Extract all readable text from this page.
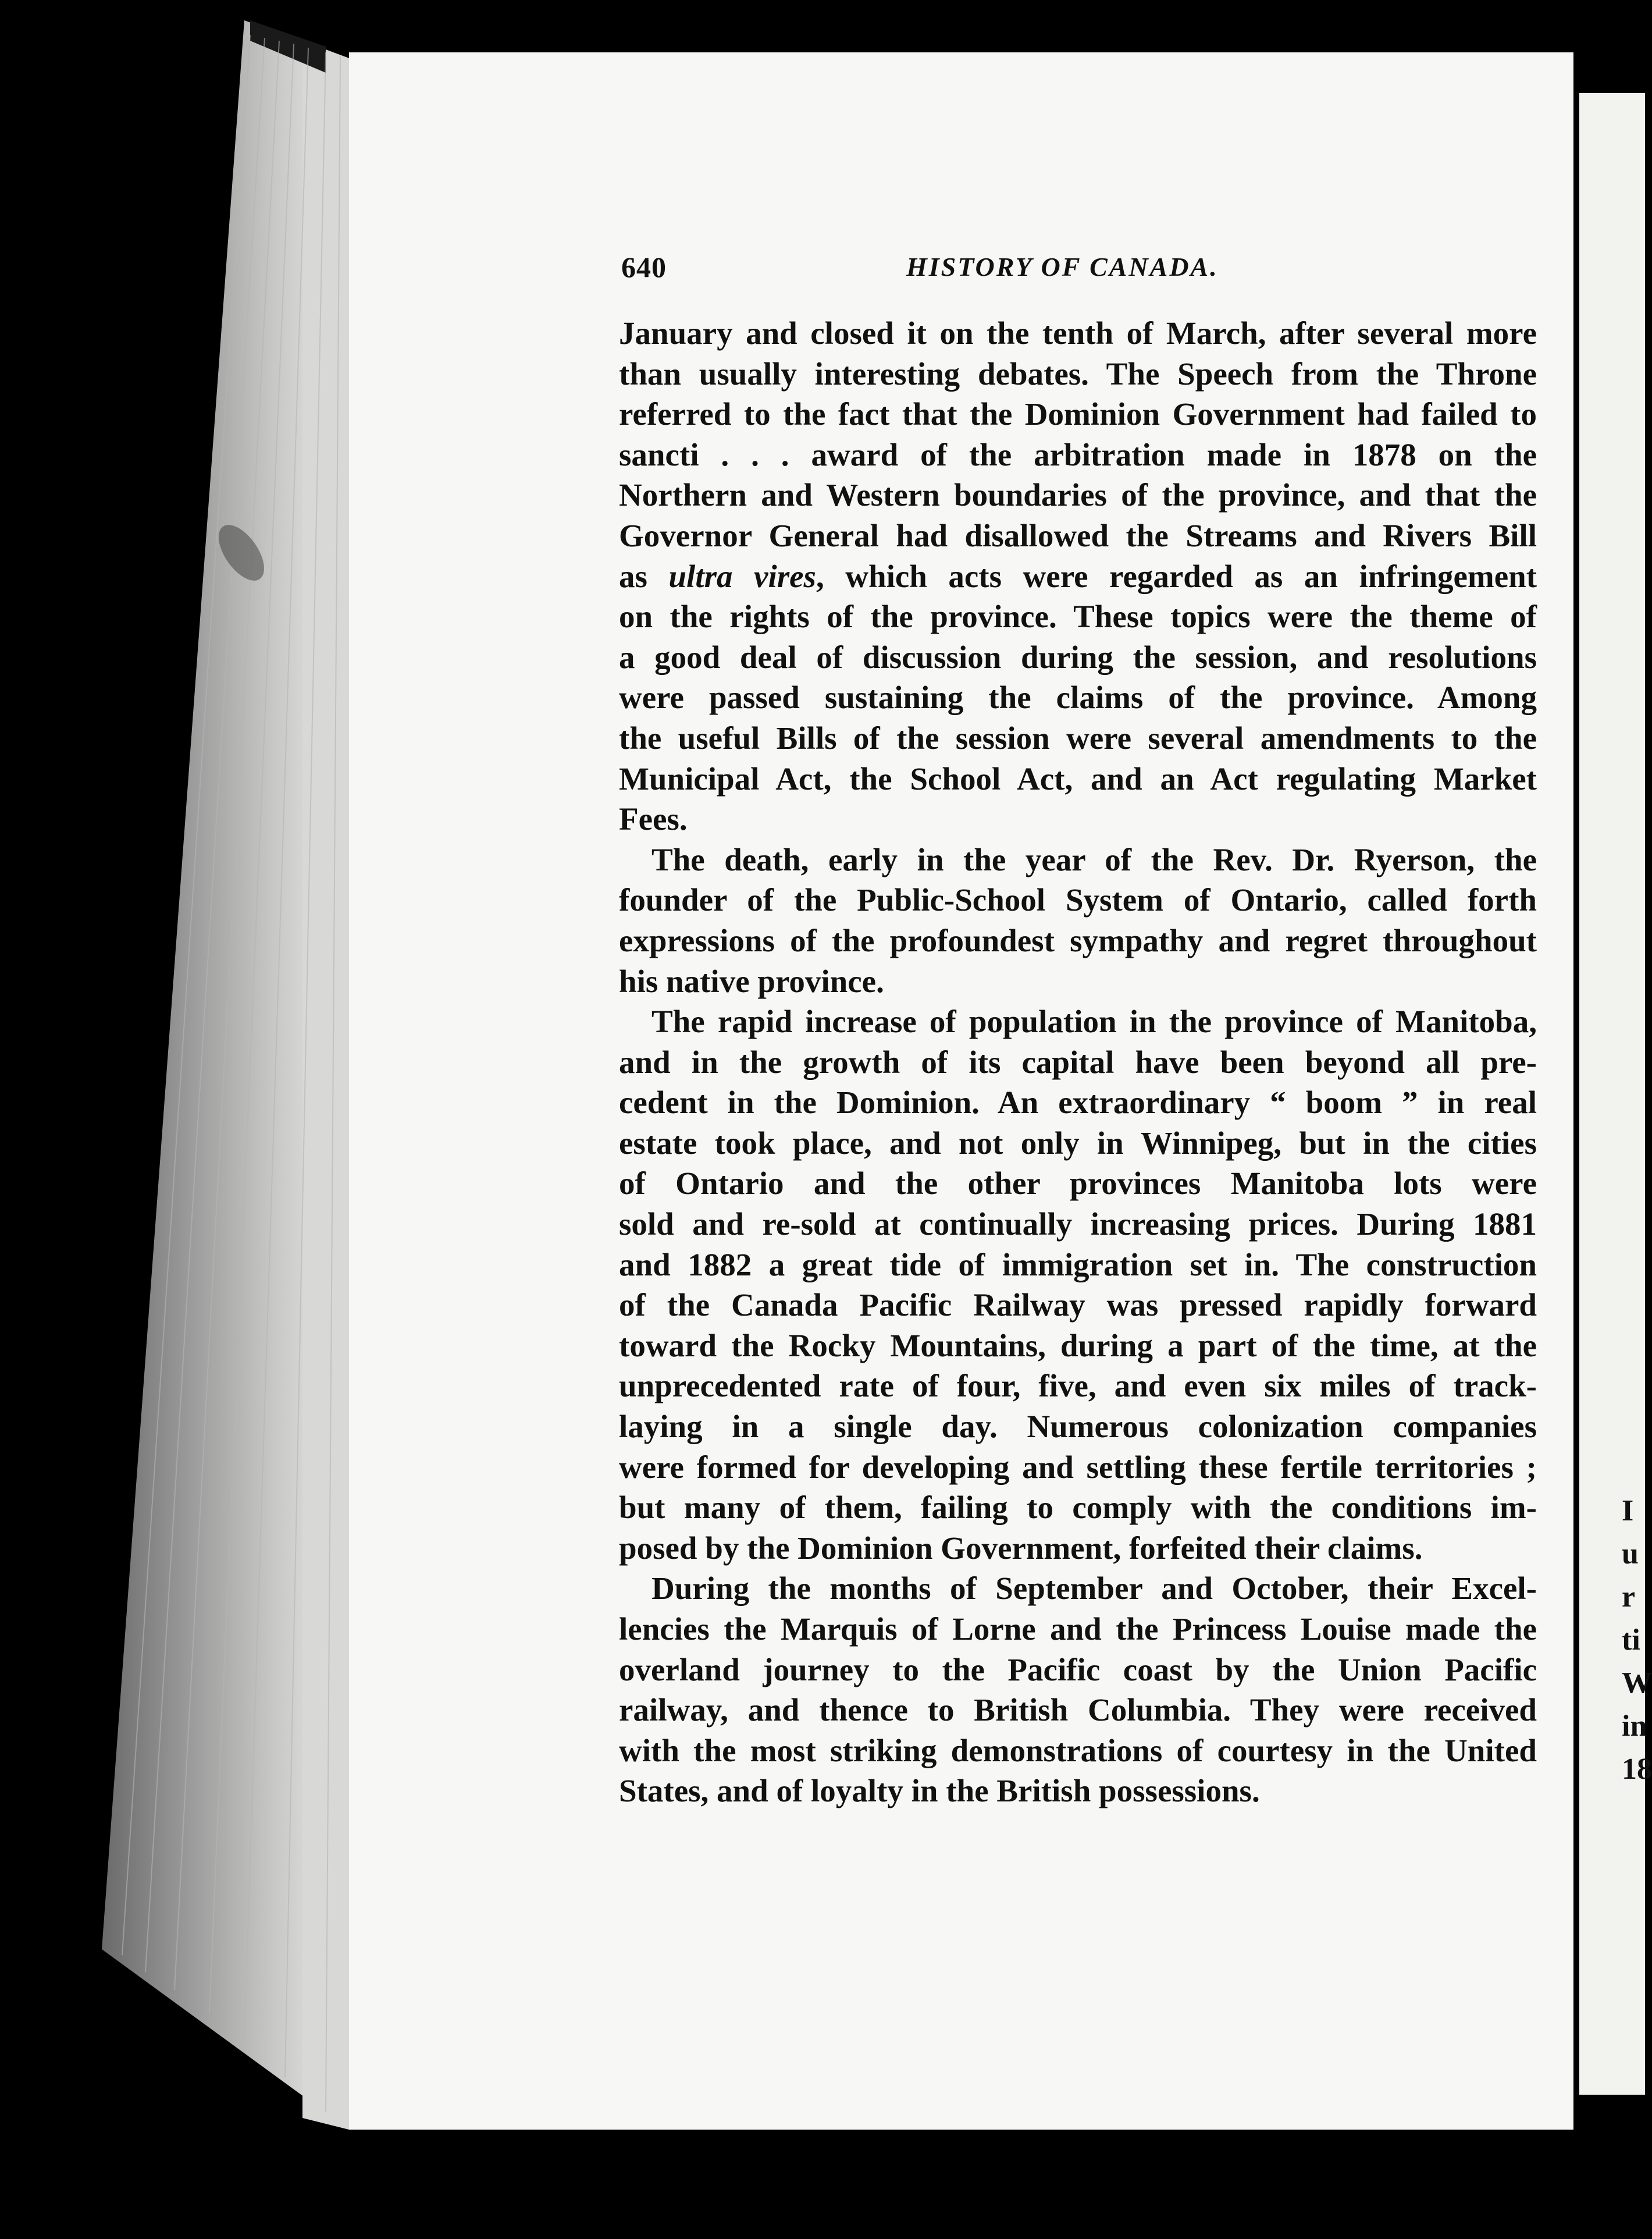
I
u
r
ti
W
in
18
640	HISTORY OF CANADA.
January and closed it on the tenth of March, after several more
than usually interesting debates. The Speech from the Throne
referred to the fact that the Dominion Government had failed to
sancti . . . award of the arbitration made in 1878 on the
Northern and Western boundaries of the province, and that the
Governor General had disallowed the Streams and Rivers Bill
as ultra vires, which acts were regarded as an infringement
on the rights of the province. These topics were the theme of
a good deal of discussion during the session, and resolutions
were passed sustaining the claims of the province. Among
the useful Bills of the session were several amendments to the
Municipal Act, the School Act, and an Act regulating Market
Fees.
The death, early in the year of the Rev. Dr. Ryerson, the
founder of the Public-School System of Ontario, called forth
expressions of the profoundest sympathy and regret throughout
his native province.
The rapid increase of population in the province of Manitoba,
and in the growth of its capital have been beyond all pre-
cedent in the Dominion. An extraordinary “ boom ” in real
estate took place, and not only in Winnipeg, but in the cities
of Ontario and the other provinces Manitoba lots were
sold and re-sold at continually increasing prices. During 1881
and 1882 a great tide of immigration set in. The construction
of the Canada Pacific Railway was pressed rapidly forward
toward the Rocky Mountains, during a part of the time, at the
unprecedented rate of four, five, and even six miles of track-
laying in a single day. Numerous colonization companies
were formed for developing and settling these fertile territories ;
but many of them, failing to comply with the conditions im-
posed by the Dominion Government, forfeited their claims.
During the months of September and October, their Excel-
lencies the Marquis of Lorne and the Princess Louise made the
overland journey to the Pacific coast by the Union Pacific
railway, and thence to British Columbia. They were received
with the most striking demonstrations of courtesy in the United
States, and of loyalty in the British possessions.
